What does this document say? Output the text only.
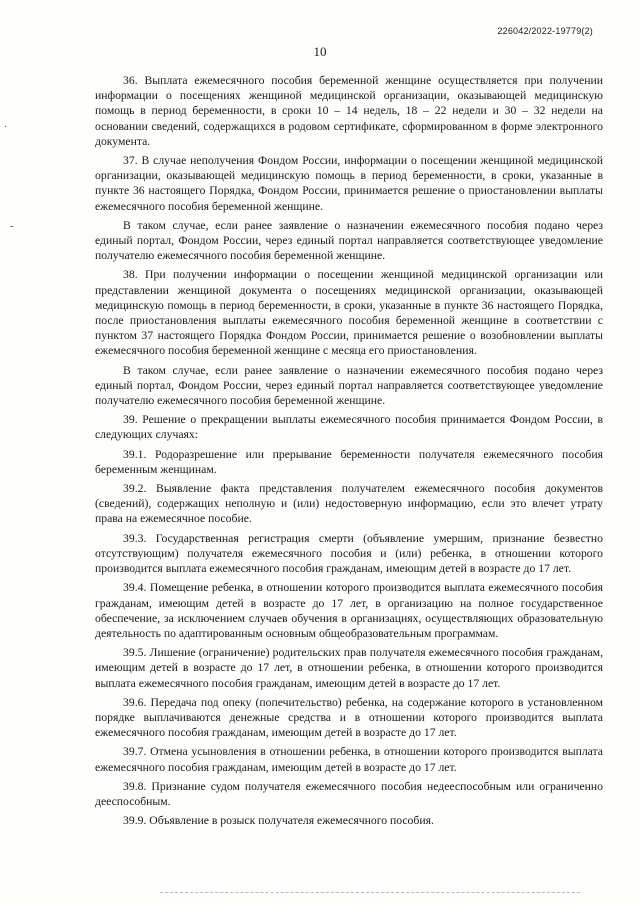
226042/2022-19779(2)
10
·
-

36. Выплата ежемесячного пособия беременной женщине осуществляется при получении информации о посещениях женщиной медицинской организации, оказывающей медицинскую помощь в период беременности, в сроки 10 – 14 недель, 18 – 22 недели и 30 – 32 недели на основании сведений, содержащихся в родовом сертификате, сформированном в форме электронного документа.

37. В случае неполучения Фондом России, информации о посещении женщиной медицинской организации, оказывающей медицинскую помощь в период беременности, в сроки, указанные в пункте 36 настоящего Порядка, Фондом России, принимается решение о приостановлении выплаты ежемесячного пособия беременной женщине.

В таком случае, если ранее заявление о назначении ежемесячного пособия подано через единый портал, Фондом России, через единый портал направляется соответствующее уведомление получателю ежемесячного пособия беременной женщине.

38. При получении информации о посещении женщиной медицинской организации или представлении женщиной документа о посещениях медицинской организации, оказывающей медицинскую помощь в период беременности, в сроки, указанные в пункте 36 настоящего Порядка, после приостановления выплаты ежемесячного пособия беременной женщине в соответствии с пунктом 37 настоящего Порядка Фондом России, принимается решение о возобновлении выплаты ежемесячного пособия беременной женщине с месяца его приостановления.

В таком случае, если ранее заявление о назначении ежемесячного пособия подано через единый портал, Фондом России, через единый портал направляется соответствующее уведомление получателю ежемесячного пособия беременной женщине.

39. Решение о прекращении выплаты ежемесячного пособия принимается Фондом России, в следующих случаях:

39.1. Родоразрешение или прерывание беременности получателя ежемесячного пособия беременным женщинам.

39.2. Выявление факта представления получателем ежемесячного пособия документов (сведений), содержащих неполную и (или) недостоверную информацию, если это влечет утрату права на ежемесячное пособие.

39.3. Государственная регистрация смерти (объявление умершим, признание безвестно отсутствующим) получателя ежемесячного пособия и (или) ребенка, в отношении которого производится выплата ежемесячного пособия гражданам, имеющим детей в возрасте до 17 лет.

39.4. Помещение ребенка, в отношении которого производится выплата ежемесячного пособия гражданам, имеющим детей в возрасте до 17 лет, в организацию на полное государственное обеспечение, за исключением случаев обучения в организациях, осуществляющих образовательную деятельность по адаптированным основным общеобразовательным программам.

39.5. Лишение (ограничение) родительских прав получателя ежемесячного пособия гражданам, имеющим детей в возрасте до 17 лет, в отношении ребенка, в отношении которого производится выплата ежемесячного пособия гражданам, имеющим детей в возрасте до 17 лет.

39.6. Передача под опеку (попечительство) ребенка, на содержание которого в установленном порядке выплачиваются денежные средства и в отношении которого производится выплата ежемесячного пособия гражданам, имеющим детей в возрасте до 17 лет.

39.7. Отмена усыновления в отношении ребенка, в отношении которого производится выплата ежемесячного пособия гражданам, имеющим детей в возрасте до 17 лет.

39.8. Признание судом получателя ежемесячного пособия недееспособным или ограниченно дееспособным.

39.9. Объявление в розыск получателя ежемесячного пособия.
